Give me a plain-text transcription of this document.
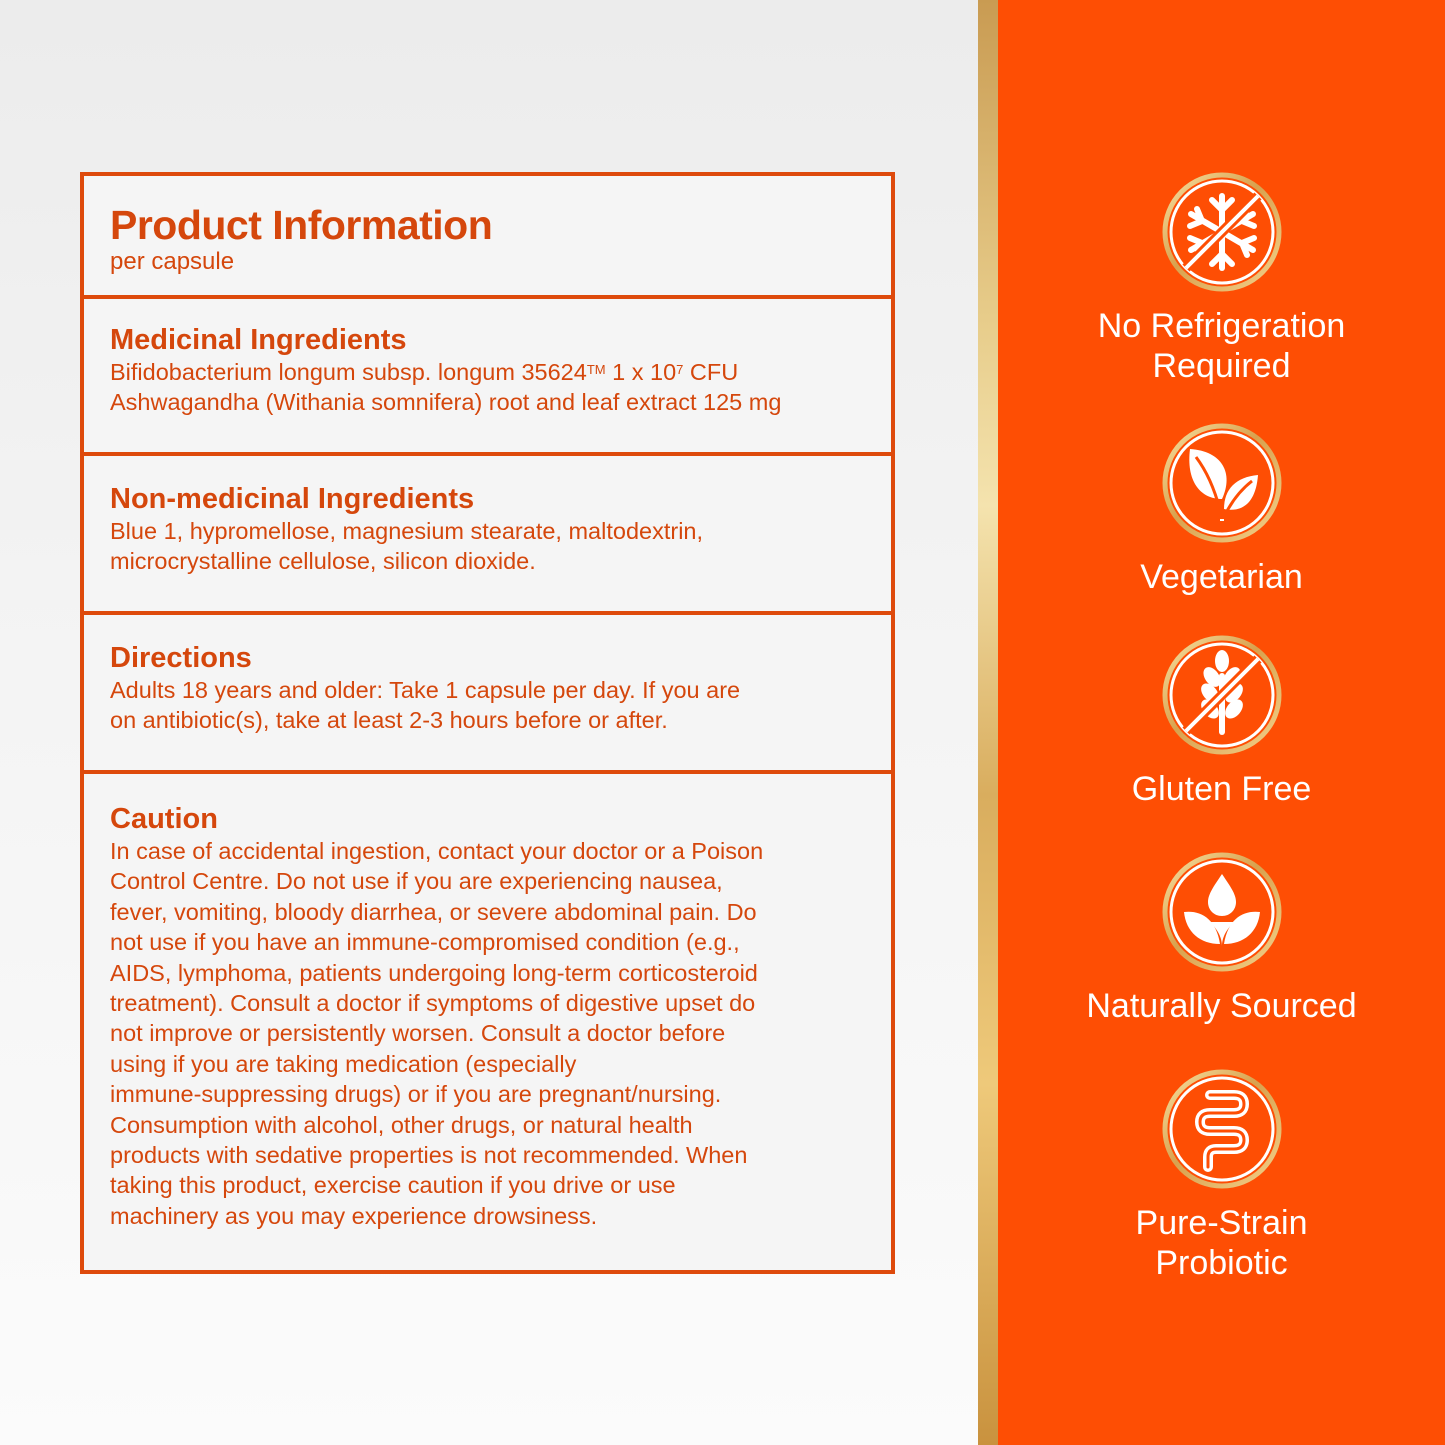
Product Information
per capsule
Medicinal Ingredients
Bifidobacterium longum subsp. longum 35624™ 1 x $10^7$ CFU
Ashwagandha (Withania somnifera) root and leaf extract 125 mg
Non-medicinal Ingredients
Blue 1, hypromellose, magnesium stearate, maltodextrin,
microcrystalline cellulose, silicon dioxide.
Directions
Adults 18 years and older: Take 1 capsule per day. If you are
on antibiotic(s), take at least 2-3 hours before or after.
Caution
In case of accidental ingestion, contact your doctor or a Poison
Control Centre. Do not use if you are experiencing nausea,
fever, vomiting, bloody diarrhea, or severe abdominal pain. Do
not use if you have an immune-compromised condition (e.g.,
AIDS, lymphoma, patients undergoing long-term corticosteroid
treatment). Consult a doctor if symptoms of digestive upset do
not improve or persistently worsen. Consult a doctor before
using if you are taking medication (especially
immune-suppressing drugs) or if you are pregnant/nursing.
Consumption with alcohol, other drugs, or natural health
products with sedative properties is not recommended. When
taking this product, exercise caution if you drive or use
machinery as you may experience drowsiness.
No Refrigeration
Required
Vegetarian
Gluten Free
Naturally Sourced
Pure-Strain
Probiotic
